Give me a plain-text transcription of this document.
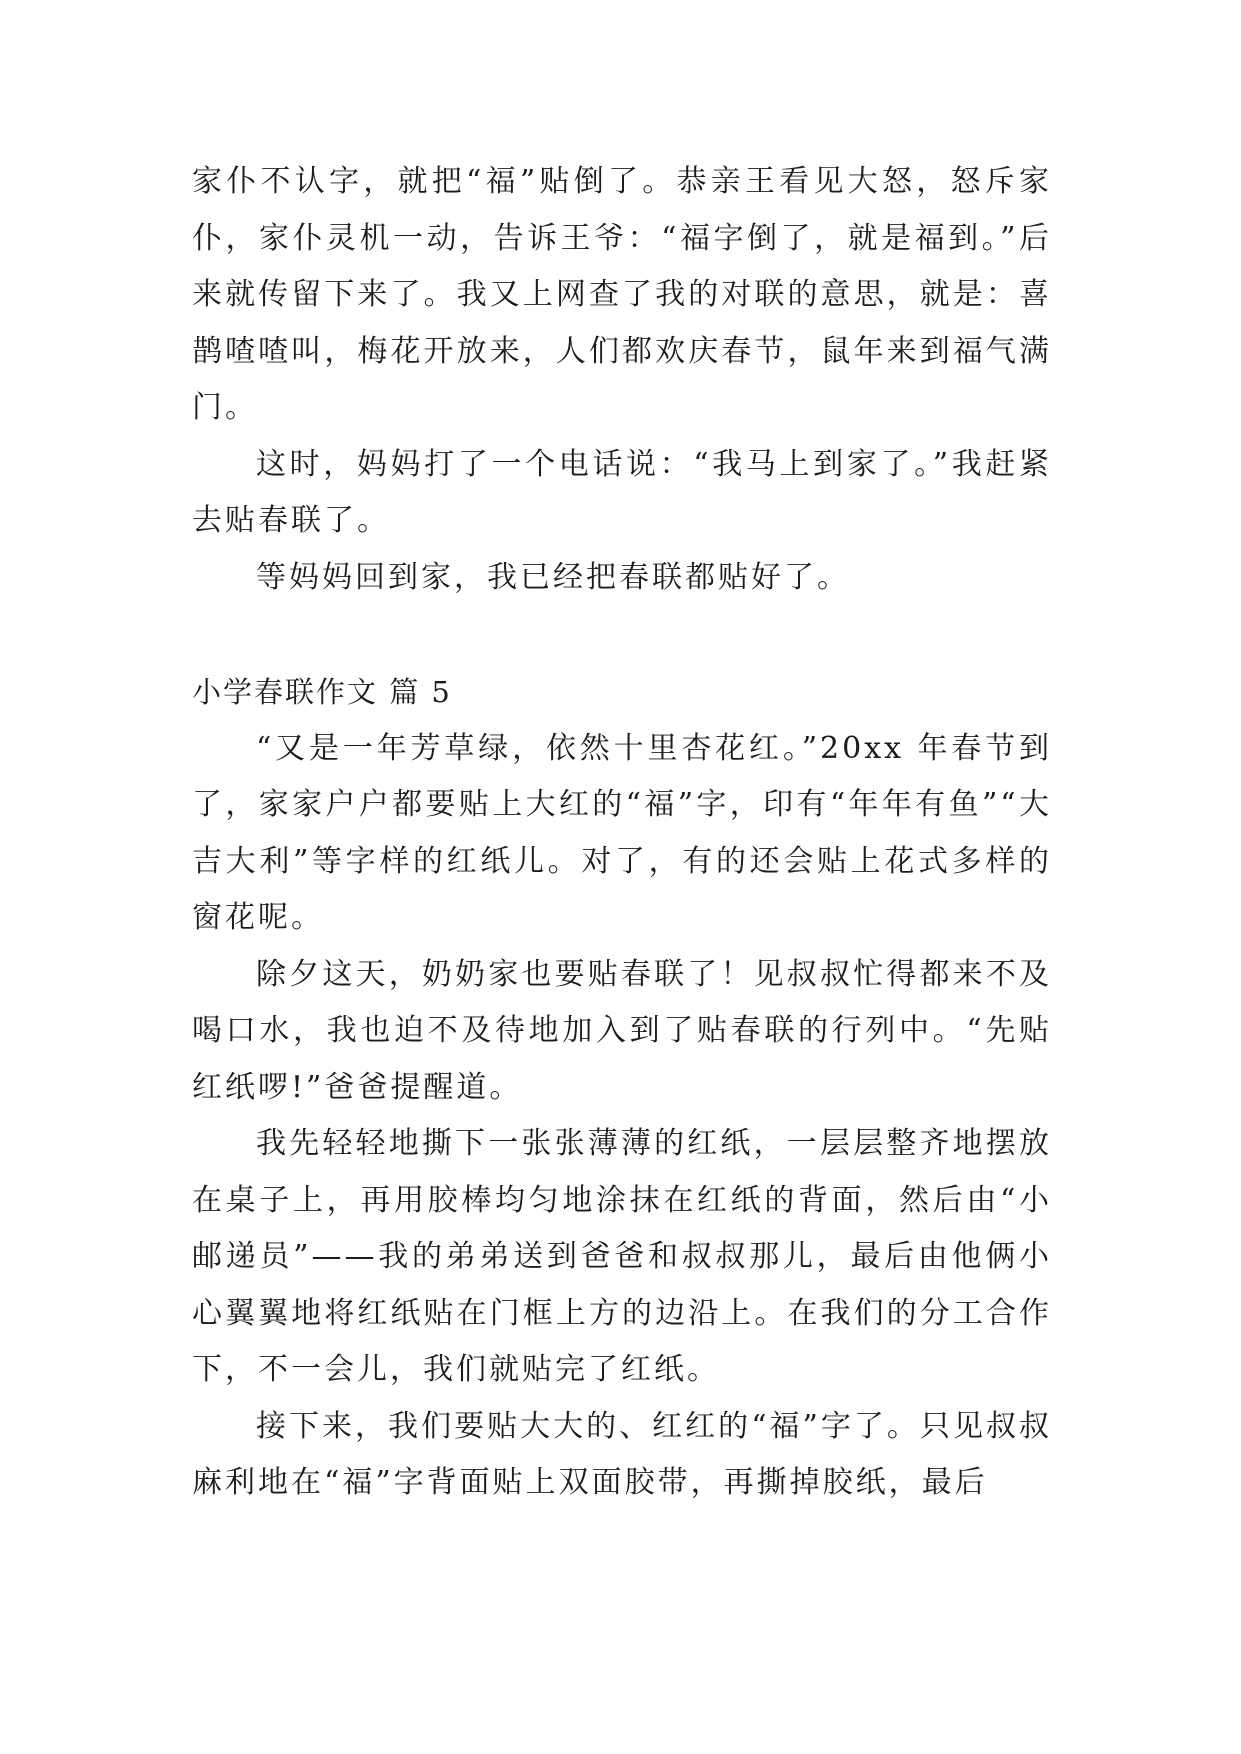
家仆不认字，就把“福”贴倒了。恭亲王看见大怒，怒斥家仆，家仆灵机一动，告诉王爷：“福字倒了，就是福到。”后来就传留下来了。我又上网查了我的对联的意思，就是：喜鹊喳喳叫，梅花开放来，人们都欢庆春节，鼠年来到福气满门。

这时，妈妈打了一个电话说：“我马上到家了。”我赶紧去贴春联了。

等妈妈回到家，我已经把春联都贴好了。

小学春联作文 篇 5

“又是一年芳草绿，依然十里杏花红。”20xx 年春节到了，家家户户都要贴上大红的“福”字，印有“年年有鱼”“大吉大利”等字样的红纸儿。对了，有的还会贴上花式多样的窗花呢。

除夕这天，奶奶家也要贴春联了！见叔叔忙得都来不及喝口水，我也迫不及待地加入到了贴春联的行列中。“先贴红纸啰!”爸爸提醒道。

我先轻轻地撕下一张张薄薄的红纸，一层层整齐地摆放在桌子上，再用胶棒均匀地涂抹在红纸的背面，然后由“小邮递员”——我的弟弟送到爸爸和叔叔那儿，最后由他俩小心翼翼地将红纸贴在门框上方的边沿上。在我们的分工合作下，不一会儿，我们就贴完了红纸。

接下来，我们要贴大大的、红红的“福”字了。只见叔叔麻利地在“福”字背面贴上双面胶带，再撕掉胶纸，最后
